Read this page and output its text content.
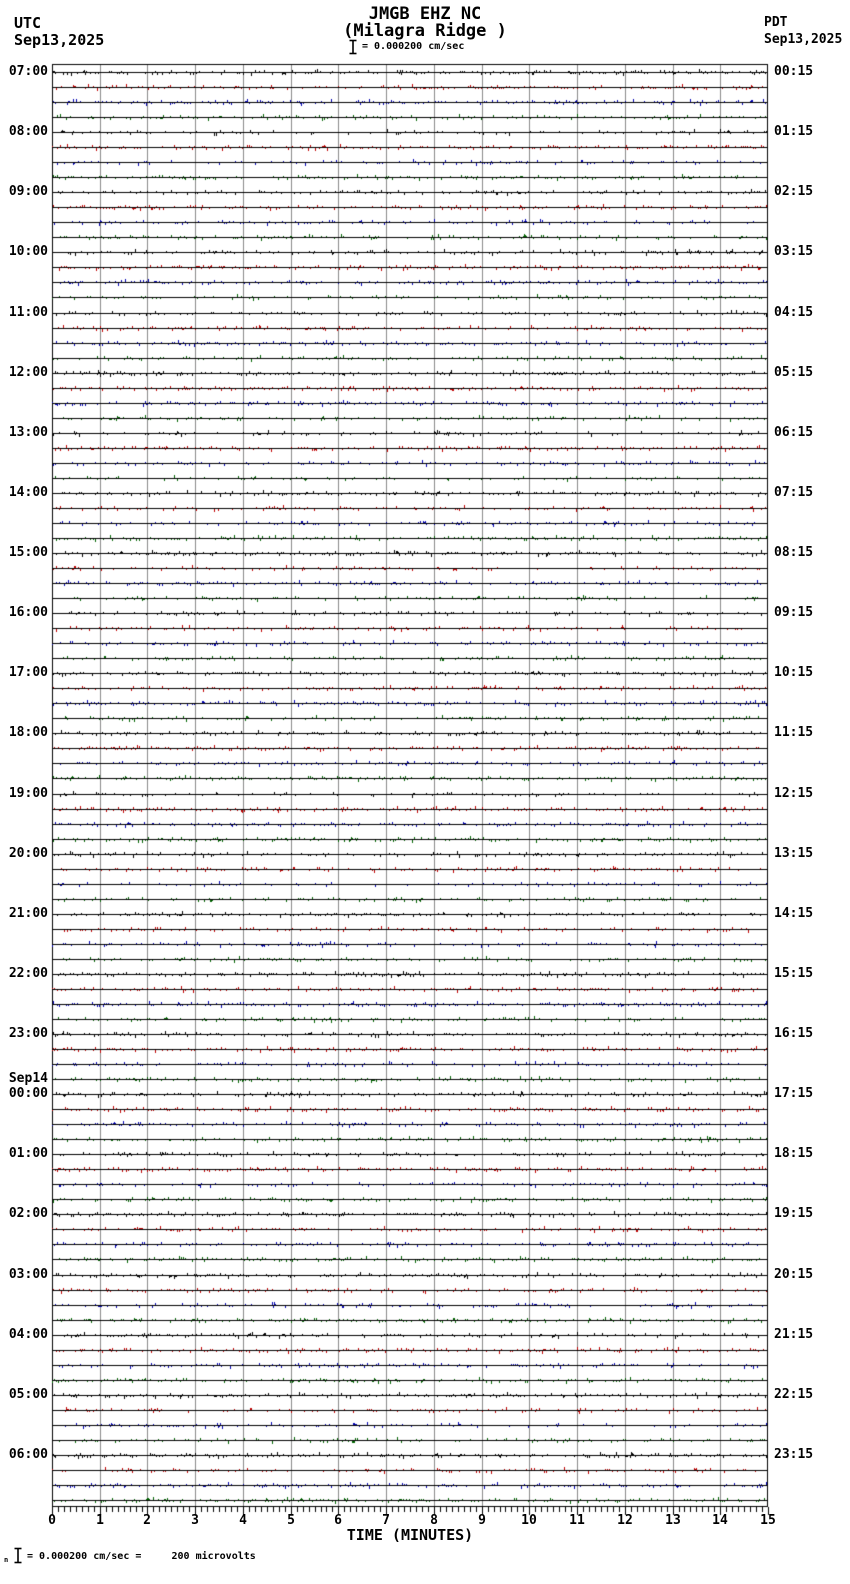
07:00
08:00
09:00
10:00
11:00
12:00
13:00
14:00
15:00
16:00
17:00
18:00
19:00
20:00
21:00
22:00
23:00
00:00
01:00
02:00
03:00
04:00
05:00
06:00
Sep14
00:15
01:15
02:15
03:15
04:15
05:15
06:15
07:15
08:15
09:15
10:15
11:15
12:15
13:15
14:15
15:15
16:15
17:15
18:15
19:15
20:15
21:15
22:15
23:15
0	1	2	3	4	5	6	7	8	9	10	11	12	13	14	15
TIME (MINUTES)
n = 0.000200 cm/sec =     200 microvolts
